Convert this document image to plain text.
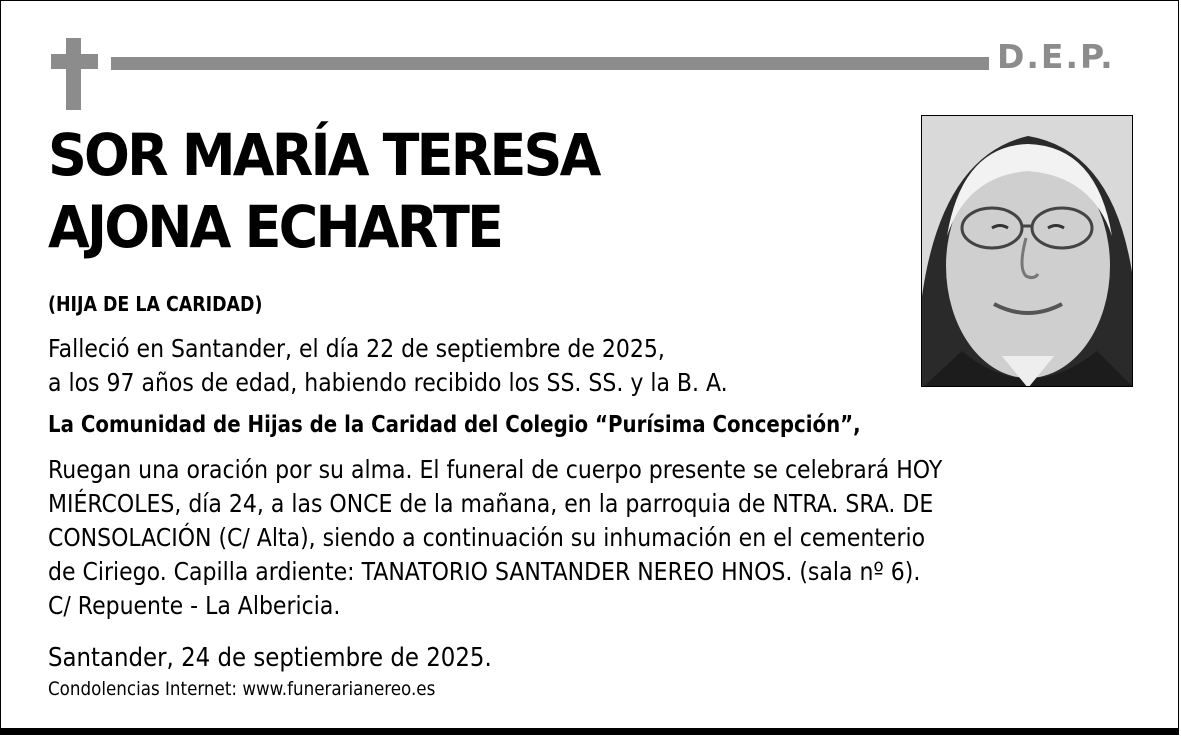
D.E.P.
SOR MARÍA TERESA
AJONA ECHARTE
(HIJA DE LA CARIDAD)
Falleció en Santander, el día 22 de septiembre de 2025,
a los 97 años de edad, habiendo recibido los SS. SS. y la B. A.
La Comunidad de Hijas de la Caridad del Colegio “Purísima Concepción”,
Ruegan una oración por su alma. El funeral de cuerpo presente se celebrará HOY
MIÉRCOLES, día 24, a las ONCE de la mañana, en la parroquia de NTRA. SRA. DE
CONSOLACIÓN (C/ Alta), siendo a continuación su inhumación en el cementerio
de Ciriego. Capilla ardiente: TANATORIO SANTANDER NEREO HNOS. (sala nº 6).
C/ Repuente - La Albericia.
Santander, 24 de septiembre de 2025.
Condolencias Internet: www.funerarianereo.es
